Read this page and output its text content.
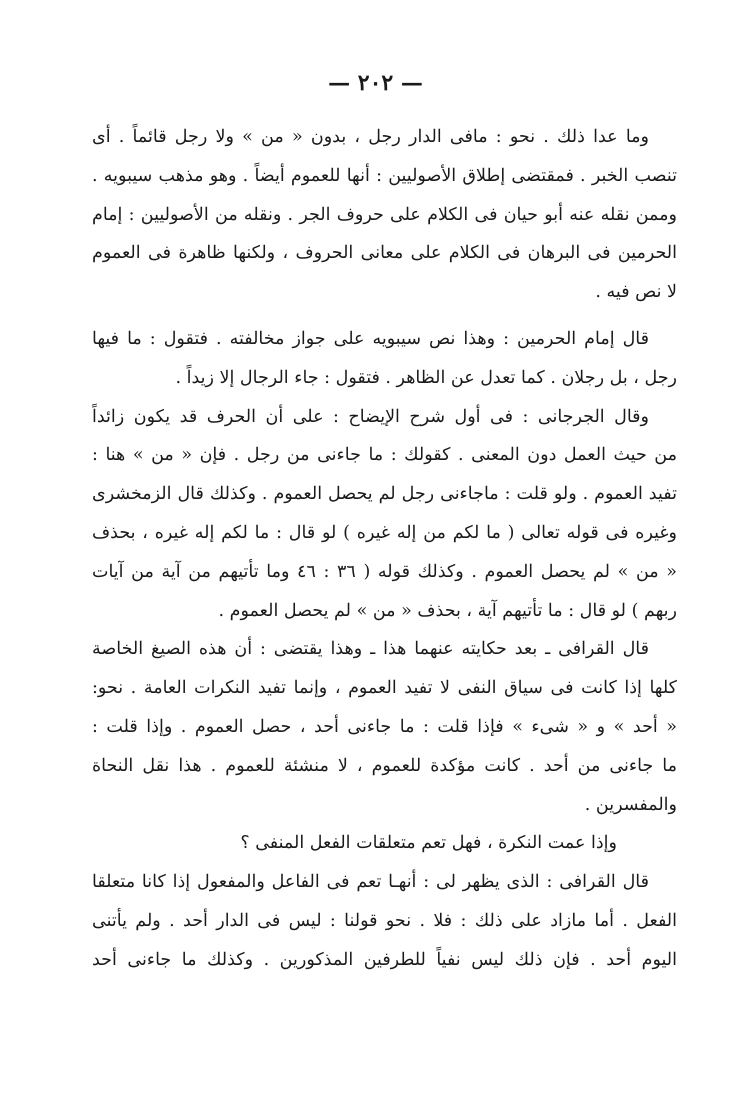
— ٢٠٢ —
وما عدا ذلك . نحو : مافى الدار رجل ، بدون « من » ولا رجل قائماً . أى
تنصب الخبر . فمقتضى إطلاق الأصوليين : أنها للعموم أيضاً . وهو مذهب سيبويه .
وممن نقله عنه أبو حيان فى الكلام على حروف الجر . ونقله من الأصوليين : إمام
الحرمين فى البرهان فى الكلام على معانى الحروف ، ولكنها ظاهرة فى العموم
لا نص فيه .
قال إمام الحرمين : وهذا نص سيبويه على جواز مخالفته . فتقول : ما فيها
رجل ، بل رجلان . كما تعدل عن الظاهر . فتقول : جاء الرجال إلا زيداً .
وقال الجرجانى : فى أول شرح الإيضاح : على أن الحرف قد يكون زائداً
من حيث العمل دون المعنى . كقولك : ما جاءنى من رجل . فإن « من » هنا :
تفيد العموم . ولو قلت : ماجاءنى رجل لم يحصل العموم . وكذلك قال الزمخشرى
وغيره فى قوله تعالى ( ما لكم من إله غيره ) لو قال : ما لكم إله غيره ، بحذف
« من » لم يحصل العموم . وكذلك قوله ( ٣٦ : ٤٦ وما تأتيهم من آية من آيات
ربهم ) لو قال : ما تأتيهم آية ، بحذف « من » لم يحصل العموم .
قال القرافى ـ بعد حكايته عنهما هذا ـ وهذا يقتضى : أن هذه الصيغ الخاصة
كلها إذا كانت فى سياق النفى لا تفيد العموم ، وإنما تفيد النكرات العامة . نحو:
« أحد » و « شىء » فإذا قلت : ما جاءنى أحد ، حصل العموم . وإذا قلت :
ما جاءنى من أحد . كانت مؤكدة للعموم ، لا منشئة للعموم . هذا نقل النحاة
والمفسرين .
وإذا عمت النكرة ، فهل تعم متعلقات الفعل المنفى ؟
قال القرافى : الذى يظهر لى : أنهـا تعم فى الفاعل والمفعول إذا كانا متعلقا
الفعل . أما مازاد على ذلك : فلا . نحو قولنا : ليس فى الدار أحد . ولم يأتنى
اليوم أحد . فإن ذلك ليس نفياً للطرفين المذكورين . وكذلك ما جاءنى أحد
